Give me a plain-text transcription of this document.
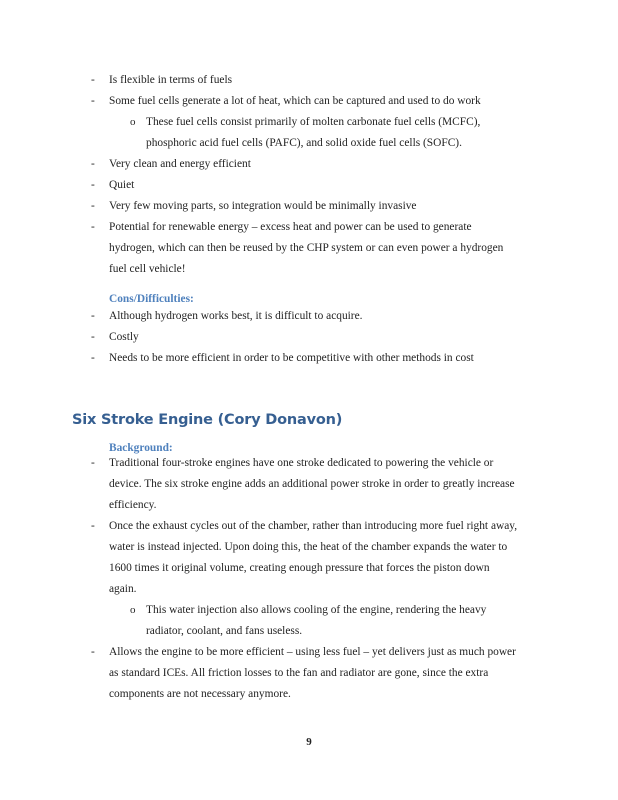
- Is flexible in terms of fuels
- Some fuel cells generate a lot of heat, which can be captured and used to do work
o These fuel cells consist primarily of molten carbonate fuel cells (MCFC),
phosphoric acid fuel cells (PAFC), and solid oxide fuel cells (SOFC).
- Very clean and energy efficient
- Quiet
- Very few moving parts, so integration would be minimally invasive
- Potential for renewable energy – excess heat and power can be used to generate
hydrogen, which can then be reused by the CHP system or can even power a hydrogen
fuel cell vehicle!
Cons/Difficulties:
- Although hydrogen works best, it is difficult to acquire.
- Costly
- Needs to be more efficient in order to be competitive with other methods in cost
Six Stroke Engine (Cory Donavon)
Background:
- Traditional four-stroke engines have one stroke dedicated to powering the vehicle or
device. The six stroke engine adds an additional power stroke in order to greatly increase
efficiency.
- Once the exhaust cycles out of the chamber, rather than introducing more fuel right away,
water is instead injected. Upon doing this, the heat of the chamber expands the water to
1600 times it original volume, creating enough pressure that forces the piston down
again.
o This water injection also allows cooling of the engine, rendering the heavy
radiator, coolant, and fans useless.
- Allows the engine to be more efficient – using less fuel – yet delivers just as much power
as standard ICEs. All friction losses to the fan and radiator are gone, since the extra
components are not necessary anymore.
9
